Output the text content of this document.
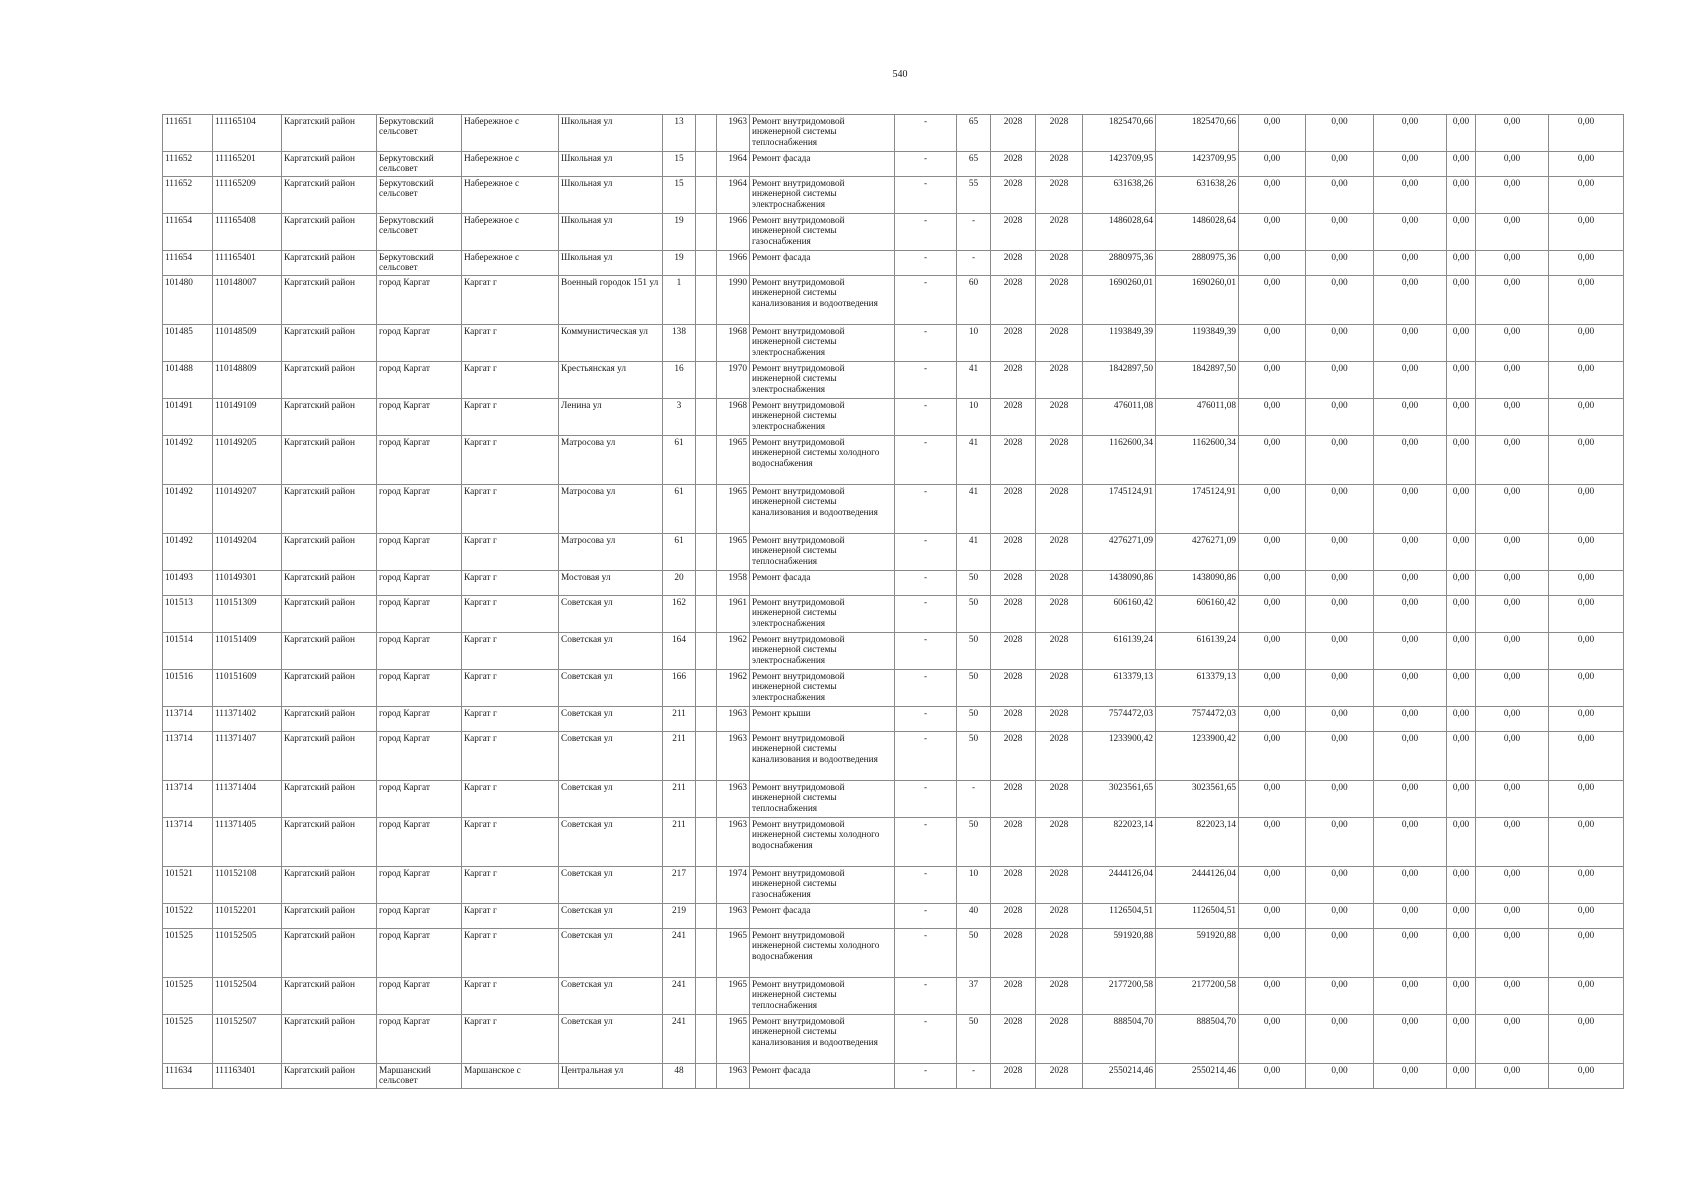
540
111651	111165104	Каргатский район	Беркутовский сельсовет	Набережное с	Школьная ул	13		1963	Ремонт внутридомовой инженерной системы теплоснабжения	-	65	2028	2028	1825470,66	1825470,66	0,00	0,00	0,00	0,00	0,00	0,00
111652	111165201	Каргатский район	Беркутовский сельсовет	Набережное с	Школьная ул	15		1964	Ремонт фасада	-	65	2028	2028	1423709,95	1423709,95	0,00	0,00	0,00	0,00	0,00	0,00
111652	111165209	Каргатский район	Беркутовский сельсовет	Набережное с	Школьная ул	15		1964	Ремонт внутридомовой инженерной системы электроснабжения	-	55	2028	2028	631638,26	631638,26	0,00	0,00	0,00	0,00	0,00	0,00
111654	111165408	Каргатский район	Беркутовский сельсовет	Набережное с	Школьная ул	19		1966	Ремонт внутридомовой инженерной системы газоснабжения	-	-	2028	2028	1486028,64	1486028,64	0,00	0,00	0,00	0,00	0,00	0,00
111654	111165401	Каргатский район	Беркутовский сельсовет	Набережное с	Школьная ул	19		1966	Ремонт фасада	-	-	2028	2028	2880975,36	2880975,36	0,00	0,00	0,00	0,00	0,00	0,00
101480	110148007	Каргатский район	город Каргат	Каргат г	Военный городок 151 ул	1		1990	Ремонт внутридомовой инженерной системы канализования и водоотведения	-	60	2028	2028	1690260,01	1690260,01	0,00	0,00	0,00	0,00	0,00	0,00
101485	110148509	Каргатский район	город Каргат	Каргат г	Коммунистическая ул	138		1968	Ремонт внутридомовой инженерной системы электроснабжения	-	10	2028	2028	1193849,39	1193849,39	0,00	0,00	0,00	0,00	0,00	0,00
101488	110148809	Каргатский район	город Каргат	Каргат г	Крестьянская ул	16		1970	Ремонт внутридомовой инженерной системы электроснабжения	-	41	2028	2028	1842897,50	1842897,50	0,00	0,00	0,00	0,00	0,00	0,00
101491	110149109	Каргатский район	город Каргат	Каргат г	Ленина ул	3		1968	Ремонт внутридомовой инженерной системы электроснабжения	-	10	2028	2028	476011,08	476011,08	0,00	0,00	0,00	0,00	0,00	0,00
101492	110149205	Каргатский район	город Каргат	Каргат г	Матросова ул	61		1965	Ремонт внутридомовой инженерной системы холодного водоснабжения	-	41	2028	2028	1162600,34	1162600,34	0,00	0,00	0,00	0,00	0,00	0,00
101492	110149207	Каргатский район	город Каргат	Каргат г	Матросова ул	61		1965	Ремонт внутридомовой инженерной системы канализования и водоотведения	-	41	2028	2028	1745124,91	1745124,91	0,00	0,00	0,00	0,00	0,00	0,00
101492	110149204	Каргатский район	город Каргат	Каргат г	Матросова ул	61		1965	Ремонт внутридомовой инженерной системы теплоснабжения	-	41	2028	2028	4276271,09	4276271,09	0,00	0,00	0,00	0,00	0,00	0,00
101493	110149301	Каргатский район	город Каргат	Каргат г	Мостовая ул	20		1958	Ремонт фасада	-	50	2028	2028	1438090,86	1438090,86	0,00	0,00	0,00	0,00	0,00	0,00
101513	110151309	Каргатский район	город Каргат	Каргат г	Советская ул	162		1961	Ремонт внутридомовой инженерной системы электроснабжения	-	50	2028	2028	606160,42	606160,42	0,00	0,00	0,00	0,00	0,00	0,00
101514	110151409	Каргатский район	город Каргат	Каргат г	Советская ул	164		1962	Ремонт внутридомовой инженерной системы электроснабжения	-	50	2028	2028	616139,24	616139,24	0,00	0,00	0,00	0,00	0,00	0,00
101516	110151609	Каргатский район	город Каргат	Каргат г	Советская ул	166		1962	Ремонт внутридомовой инженерной системы электроснабжения	-	50	2028	2028	613379,13	613379,13	0,00	0,00	0,00	0,00	0,00	0,00
113714	111371402	Каргатский район	город Каргат	Каргат г	Советская ул	211		1963	Ремонт крыши	-	50	2028	2028	7574472,03	7574472,03	0,00	0,00	0,00	0,00	0,00	0,00
113714	111371407	Каргатский район	город Каргат	Каргат г	Советская ул	211		1963	Ремонт внутридомовой инженерной системы канализования и водоотведения	-	50	2028	2028	1233900,42	1233900,42	0,00	0,00	0,00	0,00	0,00	0,00
113714	111371404	Каргатский район	город Каргат	Каргат г	Советская ул	211		1963	Ремонт внутридомовой инженерной системы теплоснабжения	-	-	2028	2028	3023561,65	3023561,65	0,00	0,00	0,00	0,00	0,00	0,00
113714	111371405	Каргатский район	город Каргат	Каргат г	Советская ул	211		1963	Ремонт внутридомовой инженерной системы холодного водоснабжения	-	50	2028	2028	822023,14	822023,14	0,00	0,00	0,00	0,00	0,00	0,00
101521	110152108	Каргатский район	город Каргат	Каргат г	Советская ул	217		1974	Ремонт внутридомовой инженерной системы газоснабжения	-	10	2028	2028	2444126,04	2444126,04	0,00	0,00	0,00	0,00	0,00	0,00
101522	110152201	Каргатский район	город Каргат	Каргат г	Советская ул	219		1963	Ремонт фасада	-	40	2028	2028	1126504,51	1126504,51	0,00	0,00	0,00	0,00	0,00	0,00
101525	110152505	Каргатский район	город Каргат	Каргат г	Советская ул	241		1965	Ремонт внутридомовой инженерной системы холодного водоснабжения	-	50	2028	2028	591920,88	591920,88	0,00	0,00	0,00	0,00	0,00	0,00
101525	110152504	Каргатский район	город Каргат	Каргат г	Советская ул	241		1965	Ремонт внутридомовой инженерной системы теплоснабжения	-	37	2028	2028	2177200,58	2177200,58	0,00	0,00	0,00	0,00	0,00	0,00
101525	110152507	Каргатский район	город Каргат	Каргат г	Советская ул	241		1965	Ремонт внутридомовой инженерной системы канализования и водоотведения	-	50	2028	2028	888504,70	888504,70	0,00	0,00	0,00	0,00	0,00	0,00
111634	111163401	Каргатский район	Маршанский сельсовет	Маршанское с	Центральная ул	48		1963	Ремонт фасада	-	-	2028	2028	2550214,46	2550214,46	0,00	0,00	0,00	0,00	0,00	0,00
